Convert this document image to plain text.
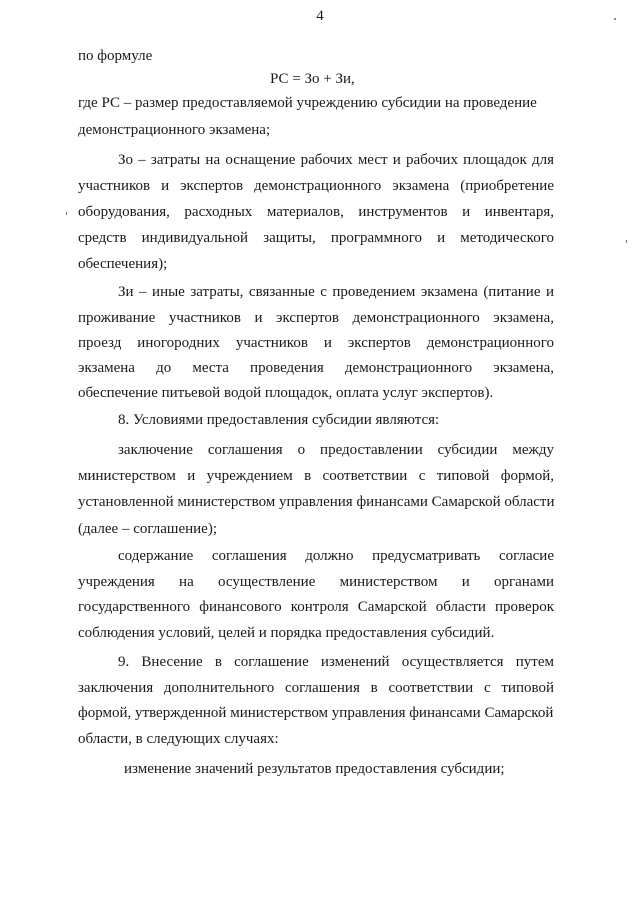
4
по формуле
РС = Зо + Зи,
где РС – размер предоставляемой учреждению субсидии на проведение
демонстрационного экзамена;
Зо – затраты на оснащение рабочих мест и рабочих площадок для
участников и экспертов демонстрационного экзамена (приобретение
оборудования, расходных материалов, инструментов и инвентаря,
средств индивидуальной защиты, программного и методического
обеспечения);
Зи – иные затраты, связанные с проведением экзамена (питание и
проживание участников и экспертов демонстрационного экзамена,
проезд иногородних участников и экспертов демонстрационного
экзамена до места проведения демонстрационного экзамена,
обеспечение питьевой водой площадок, оплата услуг экспертов).
8. Условиями предоставления субсидии являются:
заключение соглашения о предоставлении субсидии между
министерством и учреждением в соответствии с типовой формой,
установленной министерством управления финансами Самарской области
(далее – соглашение);
содержание соглашения должно предусматривать согласие
учреждения на осуществление министерством и органами
государственного финансового контроля Самарской области проверок
соблюдения условий, целей и порядка предоставления субсидий.
9. Внесение в соглашение изменений осуществляется путем
заключения дополнительного соглашения в соответствии с типовой
формой, утвержденной министерством управления финансами Самарской
области, в следующих случаях:
изменение значений результатов предоставления субсидии;
